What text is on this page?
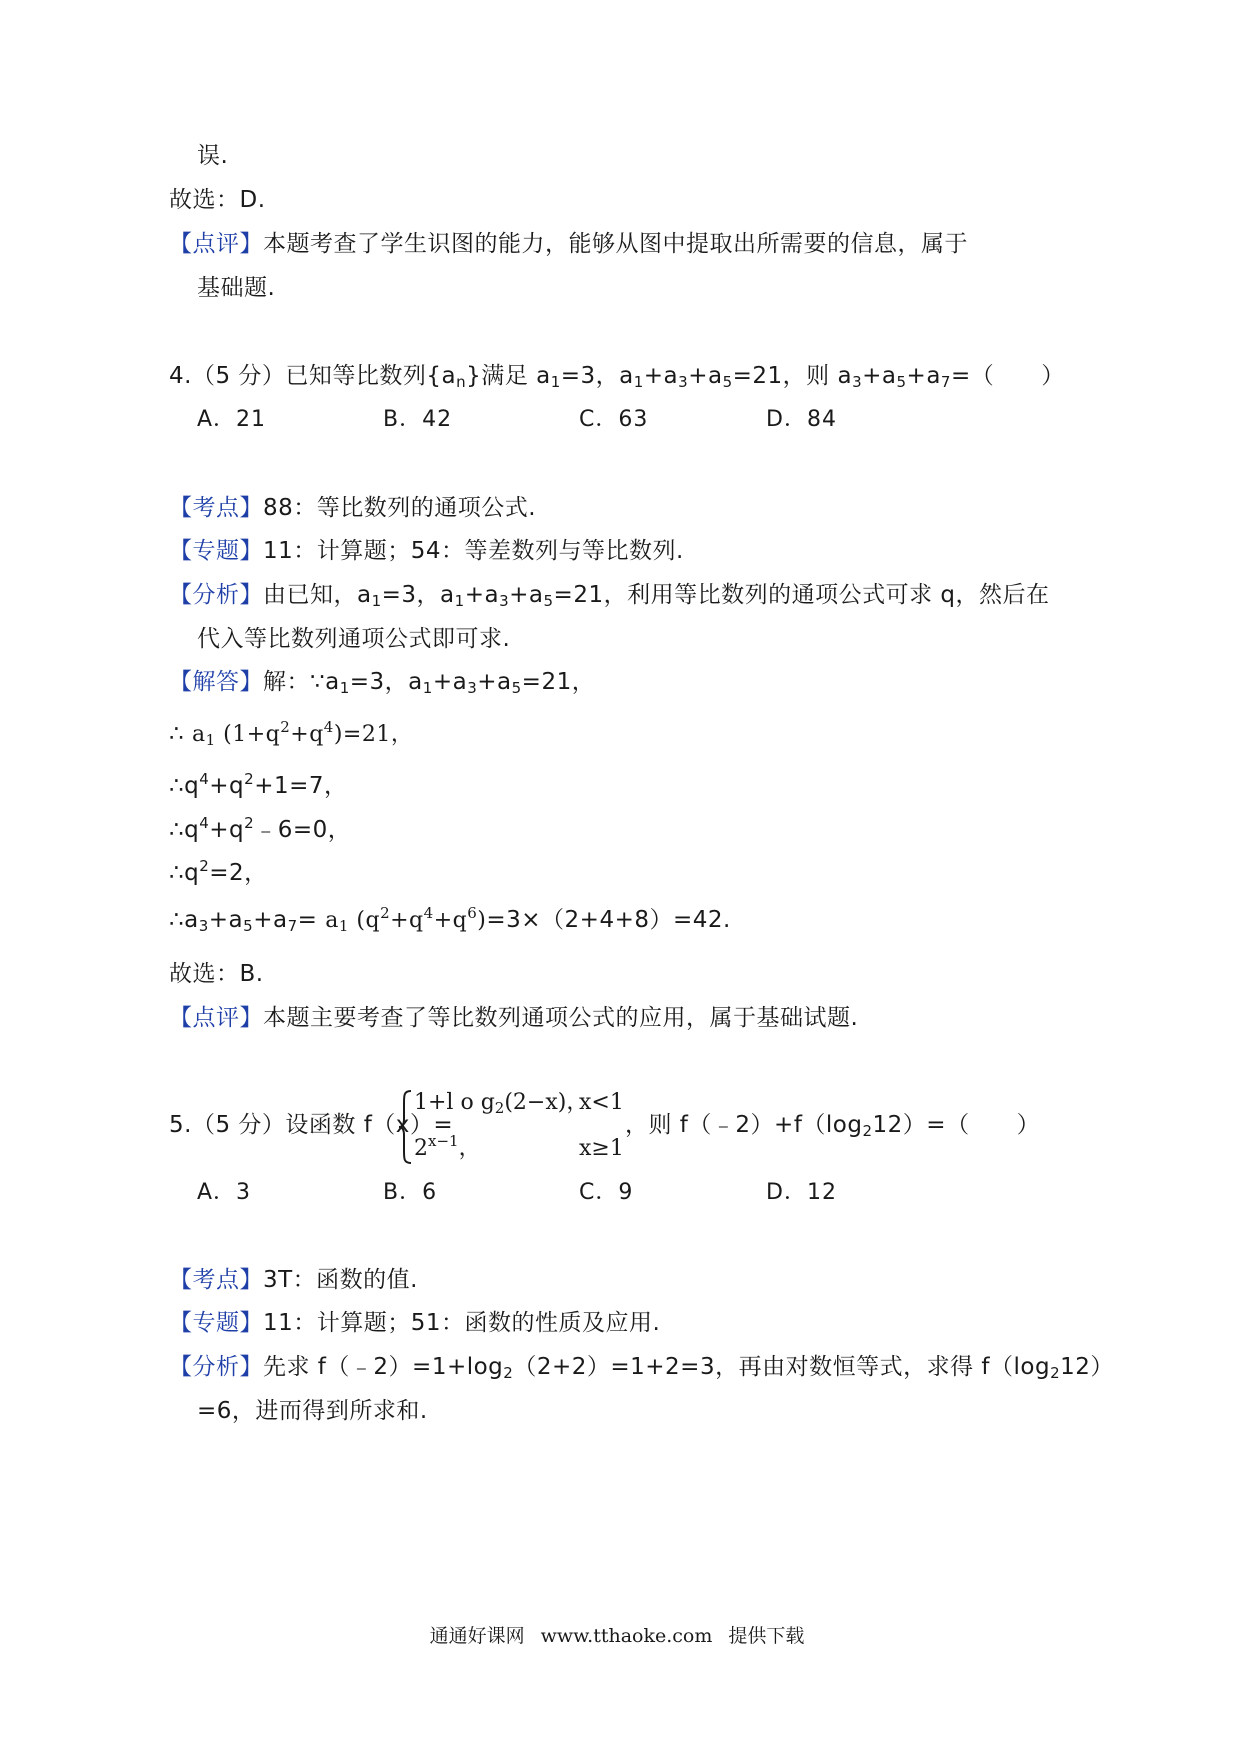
误.
故选：D.
【点评】本题考查了学生识图的能力，能够从图中提取出所需要的信息，属于
基础题.
4.（5 分）已知等比数列$\{a_n\}$满足 $a_1=3$，$a_1+a_3+a_5=21$，则 $a_3+a_5+a_7=$（　　）
A．21	B．42	C．63	D．84
【考点】88：等比数列的通项公式.
【专题】11：计算题；54：等差数列与等比数列.
【分析】由已知，$a_1=3$，$a_1+a_3+a_5=21$，利用等比数列的通项公式可求 q，然后在
代入等比数列通项公式即可求.
【解答】解：$\because a_1=3$，$a_1+a_3+a_5=21$，
∴ $a_1$ $(1+q^2+q^4)=21$，
$\therefore q^4+q^2+1=7$，
$\therefore q^4+q^2﹣6=0$，
$\therefore q^2=2$，
$\therefore a_3+a_5+a_7= a_1$ $(q^2+q^4+q^6)=3\times(2+4+8)=42$.
故选：B.
【点评】本题主要考查了等比数列通项公式的应用，属于基础试题.
5.（5 分）设函数 f（x）=
1+l o $g_2(2-x)$，
x<1
$2^{x-1}$，	x≥1
，则 $f(﹣2)+f(\log_212)=$（　　）
A．3	B．6	C．9	D．12
【考点】3T：函数的值.
【专题】11：计算题；51：函数的性质及应用.
【分析】先求 $f(﹣2)=1+\log_2(2+2)=1+2=3$，再由对数恒等式，求得 $f(\log_212)$
=6，进而得到所求和.
通通好课网 www.tthaoke.com 提供下载
